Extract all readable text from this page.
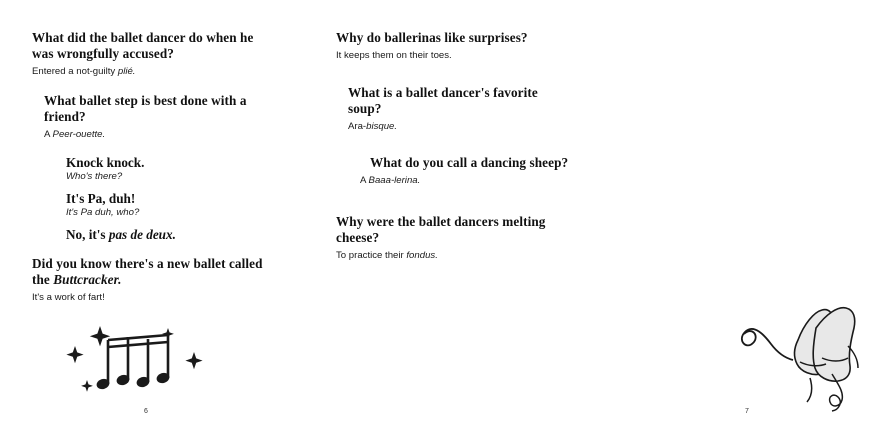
What did the ballet dancer do when he was wrongfully accused?

Entered a not-guilty plié.

What ballet step is best done with a friend?

A Peer-ouette.

Knock knock.

Who's there?

It's Pa, duh!

It's Pa duh, who?

No, it's pas de deux.

Did you know there's a new ballet called the Buttcracker.

It's a work of fart!

6

Why do ballerinas like surprises?

It keeps them on their toes.

What is a ballet dancer's favorite soup?

Ara-bisque.

What do you call a dancing sheep?

A Baaa-lerina.

Why were the ballet dancers melting cheese?

To practice their fondus.

7
